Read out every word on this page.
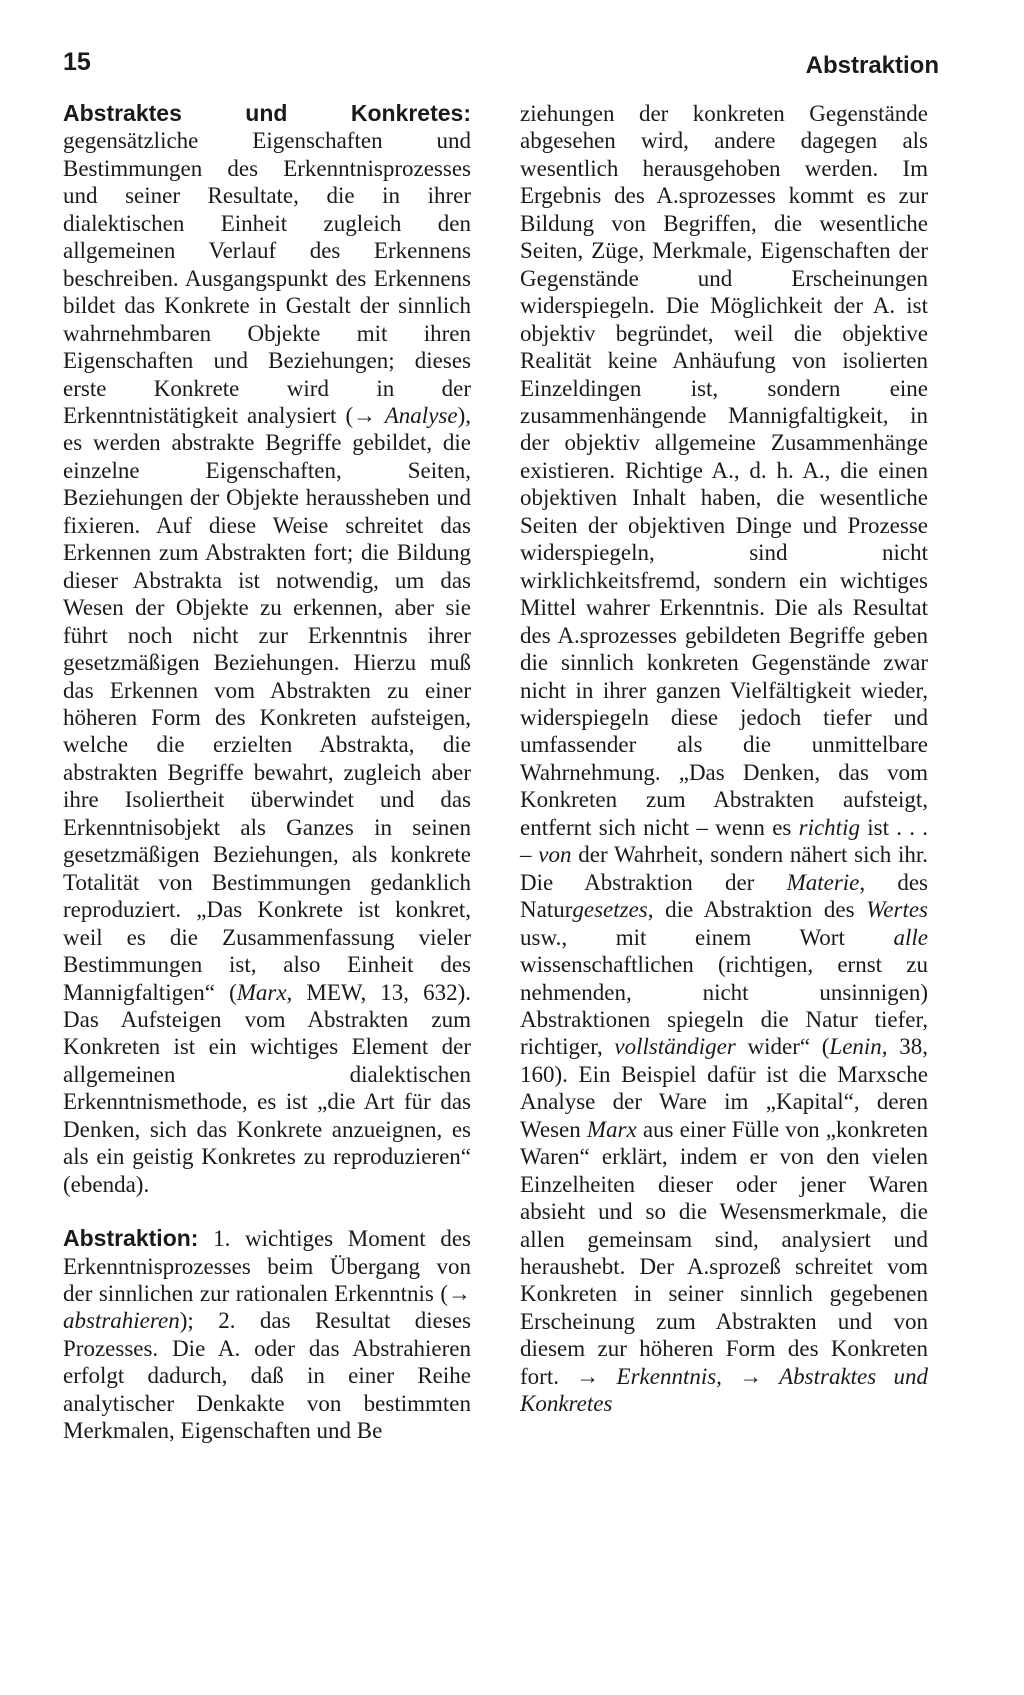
15	Abstraktion

Abstraktes und Konkretes: gegensätzliche Eigenschaften und Bestimmungen des Erkenntnisprozesses und seiner Resultate, die in ihrer dialektischen Einheit zugleich den allgemeinen Verlauf des Erkennens beschreiben. Ausgangspunkt des Erkennens bildet das Konkrete in Gestalt der sinnlich wahrnehmbaren Objekte mit ihren Eigenschaften und Beziehungen; dieses erste Konkrete wird in der Erkenntnistätigkeit analysiert (→ Analyse), es werden abstrakte Begriffe gebildet, die einzelne Eigenschaften, Seiten, Beziehungen der Objekte heraussheben und fixieren. Auf diese Weise schreitet das Erkennen zum Abstrakten fort; die Bildung dieser Abstrakta ist notwendig, um das Wesen der Objekte zu erkennen, aber sie führt noch nicht zur Erkenntnis ihrer gesetzmäßigen Beziehungen. Hierzu muß das Erkennen vom Abstrakten zu einer höheren Form des Konkreten aufsteigen, welche die erzielten Abstrakta, die abstrakten Begriffe bewahrt, zugleich aber ihre Isoliertheit überwindet und das Erkenntnisobjekt als Ganzes in seinen gesetzmäßigen Beziehungen, als konkrete Totalität von Bestimmungen gedanklich reproduziert. „Das Konkrete ist konkret, weil es die Zusammenfassung vieler Bestimmungen ist, also Einheit des Mannigfaltigen“ (Marx, MEW, 13, 632). Das Aufsteigen vom Abstrakten zum Konkreten ist ein wichtiges Element der allgemeinen dialektischen Erkenntnismethode, es ist „die Art für das Denken, sich das Konkrete anzueignen, es als ein geistig Konkretes zu reproduzieren“ (ebenda).

Abstraktion: 1. wichtiges Moment des Erkenntnisprozesses beim Übergang von der sinnlichen zur rationalen Erkenntnis (→ abstrahieren); 2. das Resultat dieses Prozesses. Die A. oder das Abstrahieren erfolgt dadurch, daß in einer Reihe analytischer Denkakte von bestimmten Merkmalen, Eigenschaften und Be

ziehungen der konkreten Gegenstände abgesehen wird, andere dagegen als wesentlich herausgehoben werden. Im Ergebnis des A.sprozesses kommt es zur Bildung von Begriffen, die wesentliche Seiten, Züge, Merkmale, Eigenschaften der Gegenstände und Erscheinungen widerspiegeln. Die Möglichkeit der A. ist objektiv begründet, weil die objektive Realität keine Anhäufung von isolierten Einzeldingen ist, sondern eine zusammenhängende Mannigfaltigkeit, in der objektiv allgemeine Zusammenhänge existieren. Richtige A., d. h. A., die einen objektiven Inhalt haben, die wesentliche Seiten der objektiven Dinge und Prozesse widerspiegeln, sind nicht wirklichkeitsfremd, sondern ein wichtiges Mittel wahrer Erkenntnis. Die als Resultat des A.sprozesses gebildeten Begriffe geben die sinnlich konkreten Gegenstände zwar nicht in ihrer ganzen Vielfältigkeit wieder, widerspiegeln diese jedoch tiefer und umfassender als die unmittelbare Wahrnehmung. „Das Denken, das vom Konkreten zum Abstrakten aufsteigt, entfernt sich nicht – wenn es richtig ist . . . – von der Wahrheit, sondern nähert sich ihr. Die Abstraktion der Materie, des Naturgesetzes, die Abstraktion des Wertes usw., mit einem Wort alle wissenschaftlichen (richtigen, ernst zu nehmenden, nicht unsinnigen) Abstraktionen spiegeln die Natur tiefer, richtiger, vollständiger wider“ (Lenin, 38, 160). Ein Beispiel dafür ist die Marxsche Analyse der Ware im „Kapital“, deren Wesen Marx aus einer Fülle von „konkreten Waren“ erklärt, indem er von den vielen Einzelheiten dieser oder jener Waren absieht und so die Wesensmerkmale, die allen gemeinsam sind, analysiert und heraushebt. Der A.sprozeß schreitet vom Konkreten in seiner sinnlich gegebenen Erscheinung zum Abstrakten und von diesem zur höheren Form des Konkreten fort. → Erkenntnis, → Abstraktes und Konkretes
